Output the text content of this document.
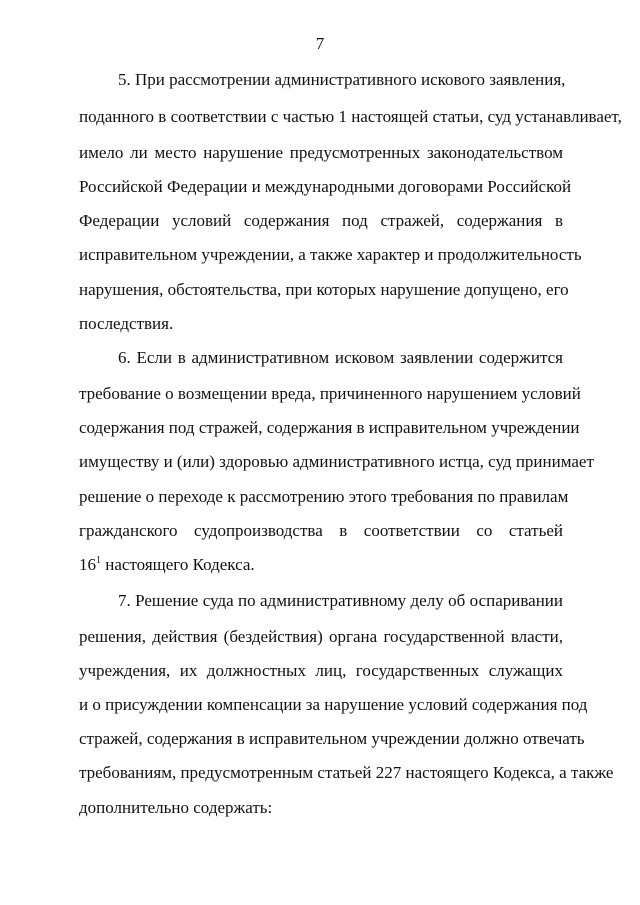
7
5. При рассмотрении административного искового заявления,
поданного в соответствии с частью 1 настоящей статьи, суд устанавливает,
имело ли место нарушение предусмотренных законодательством
Российской Федерации и международными договорами Российской
Федерации условий содержания под стражей, содержания в
исправительном учреждении, а также характер и продолжительность
нарушения, обстоятельства, при которых нарушение допущено, его
последствия.
6. Если в административном исковом заявлении содержится
требование о возмещении вреда, причиненного нарушением условий
содержания под стражей, содержания в исправительном учреждении
имуществу и (или) здоровью административного истца, суд принимает
решение о переходе к рассмотрению этого требования по правилам
гражданского судопроизводства в соответствии со статьей
$16^1$ настоящего Кодекса.
7. Решение суда по административному делу об оспаривании
решения, действия (бездействия) органа государственной власти,
учреждения, их должностных лиц, государственных служащих
и о присуждении компенсации за нарушение условий содержания под
стражей, содержания в исправительном учреждении должно отвечать
требованиям, предусмотренным статьей 227 настоящего Кодекса, а также
дополнительно содержать:
